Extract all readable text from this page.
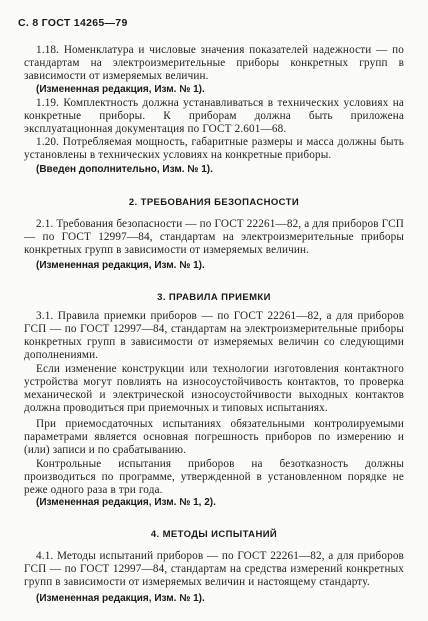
С. 8 ГОСТ 14265—79
1.18. Номенклатура и числовые значения показателей надежности — по стандартам на электроизмерительные приборы конкретных групп в зависимости от измеряемых величин.
(Измененная редакция, Изм. № 1).
1.19. Комплектность должна устанавливаться в технических условиях на конкретные приборы. К приборам должна быть приложена эксплуатационная документация по ГОСТ 2.601—68.
1.20. Потребляемая мощность, габаритные размеры и масса должны быть установлены в технических условиях на конкретные приборы.
(Введен дополнительно, Изм. № 1).
2. ТРЕБОВАНИЯ БЕЗОПАСНОСТИ
2.1. Требования безопасности — по ГОСТ 22261—82, а для приборов ГСП — по ГОСТ 12997—84, стандартам на электроизмерительные приборы конкретных групп в зависимости от измеряемых величин.
(Измененная редакция, Изм. № 1).
3. ПРАВИЛА ПРИЕМКИ
3.1. Правила приемки приборов — по ГОСТ 22261—82, а для приборов ГСП — по ГОСТ 12997—84, стандартам на электроизмерительные приборы конкретных групп в зависимости от измеряемых величин со следующими дополнениями.
Если изменение конструкции или технологии изготовления контактного устройства могут повлиять на износоустойчивость контактов, то проверка механической и электрической износоустойчивости выходных контактов должна проводиться при приемочных и типовых испытаниях.
При приемосдаточных испытаниях обязательными контролируемыми параметрами является основная погрешность приборов по измерению и (или) записи и по срабатыванию.
Контрольные испытания приборов на безотказность должны производиться по программе, утвержденной в установленном порядке не реже одного раза в три года.
(Измененная редакция, Изм. № 1, 2).
4. МЕТОДЫ ИСПЫТАНИЙ
4.1. Методы испытаний приборов — по ГОСТ 22261—82, а для приборов ГСП — по ГОСТ 12997—84, стандартам на средства измерений конкретных групп в зависимости от измеряемых величин и настоящему стандарту.
(Измененная редакция, Изм. № 1).
